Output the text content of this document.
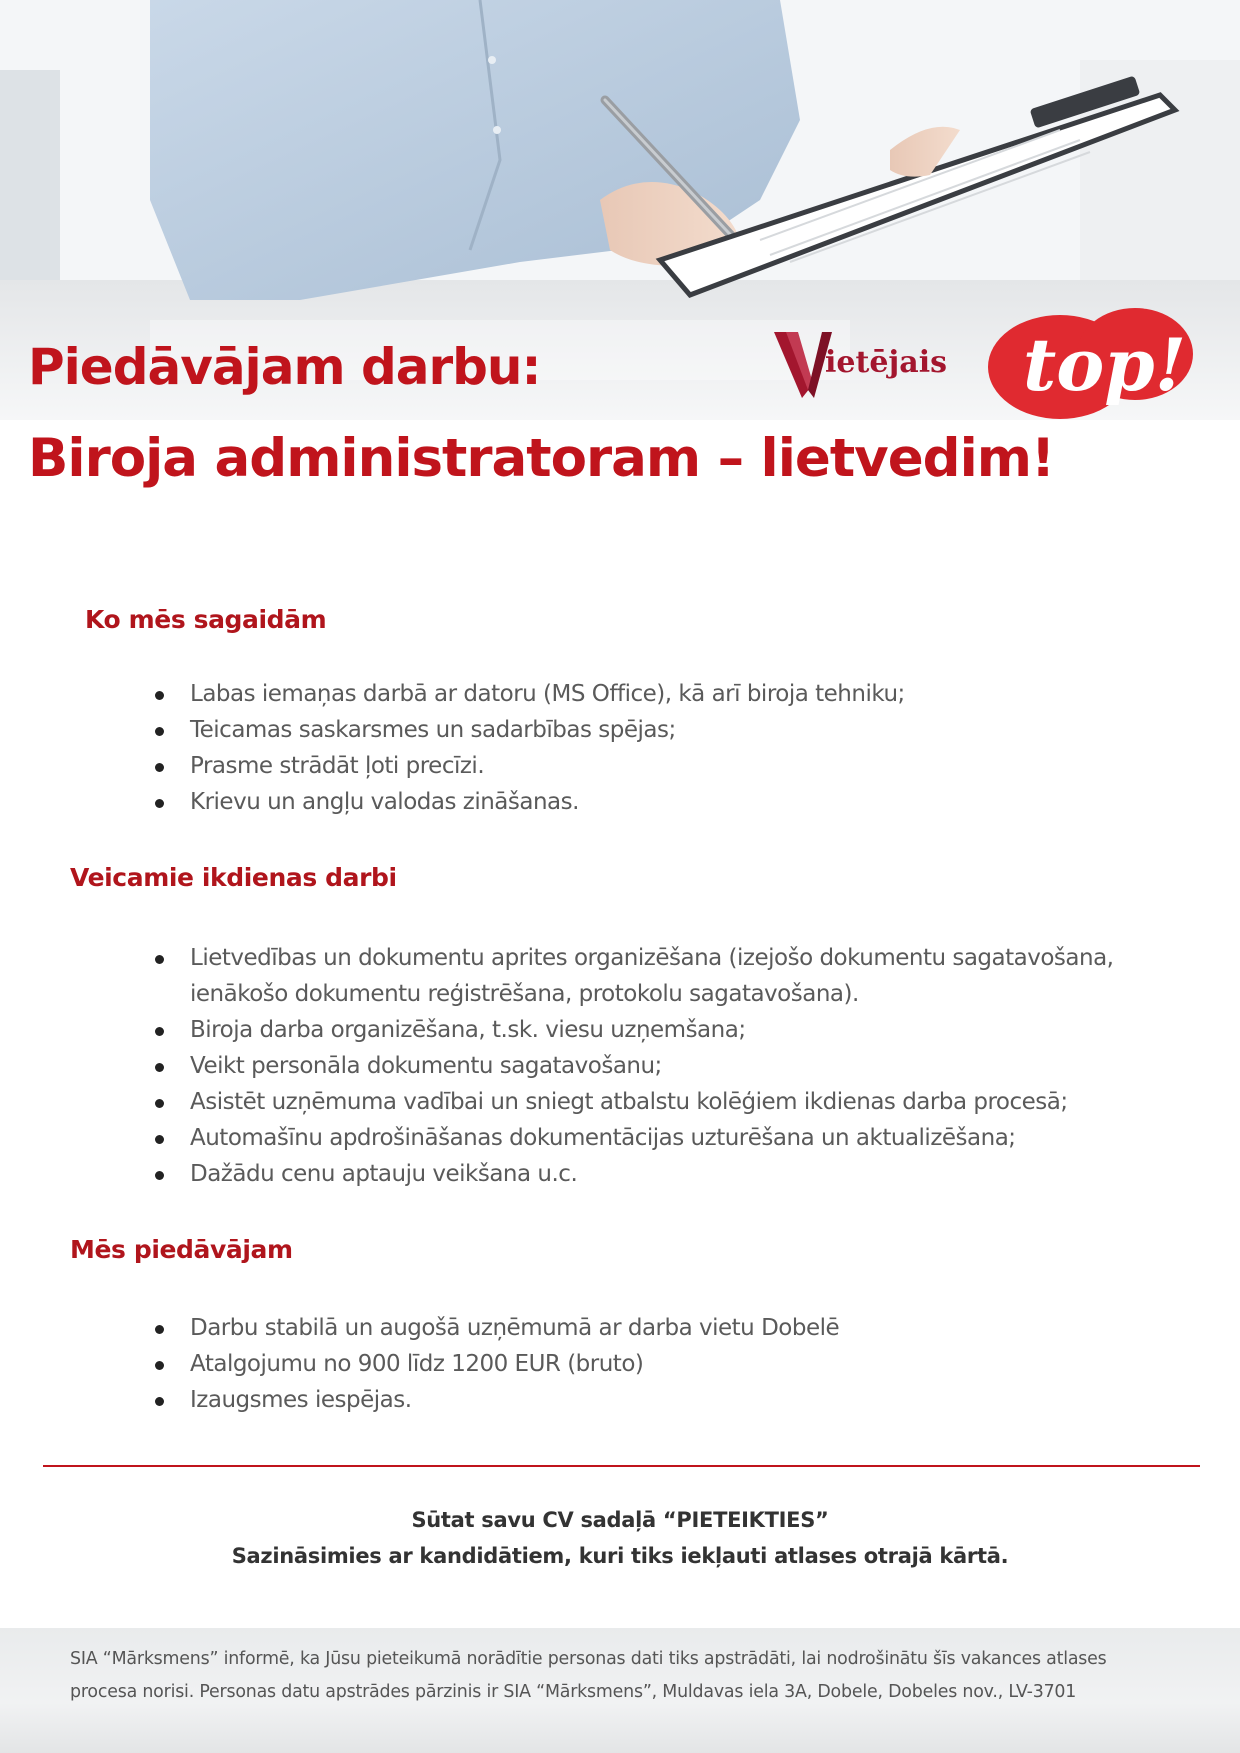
Piedāvājam darbu:
Biroja administratoram – lietvedim!
ietējais top!
Ko mēs sagaidām
Labas iemaņas darbā ar datoru (MS Office), kā arī biroja tehniku;
Teicamas saskarsmes un sadarbības spējas;
Prasme strādāt ļoti precīzi.
Krievu un angļu valodas zināšanas.
Veicamie ikdienas darbi
Lietvedības un dokumentu aprites organizēšana (izejošo dokumentu sagatavošana,
ienākošo dokumentu reģistrēšana, protokolu sagatavošana).
Biroja darba organizēšana, t.sk. viesu uzņemšana;
Veikt personāla dokumentu sagatavošanu;
Asistēt uzņēmuma vadībai un sniegt atbalstu kolēģiem ikdienas darba procesā;
Automašīnu apdrošināšanas dokumentācijas uzturēšana un aktualizēšana;
Dažādu cenu aptauju veikšana u.c.
Mēs piedāvājam
Darbu stabilā un augošā uzņēmumā ar darba vietu Dobelē
Atalgojumu no 900 līdz 1200 EUR (bruto)
Izaugsmes iespējas.
Sūtat savu CV sadaļā “PIETEIKTIES”
Sazināsimies ar kandidātiem, kuri tiks iekļauti atlases otrajā kārtā.
SIA “Mārksmens” informē, ka Jūsu pieteikumā norādītie personas dati tiks apstrādāti, lai nodrošinātu šīs vakances atlases
procesa norisi. Personas datu apstrādes pārzinis ir SIA “Mārksmens”, Muldavas iela 3A, Dobele, Dobeles nov., LV-3701
